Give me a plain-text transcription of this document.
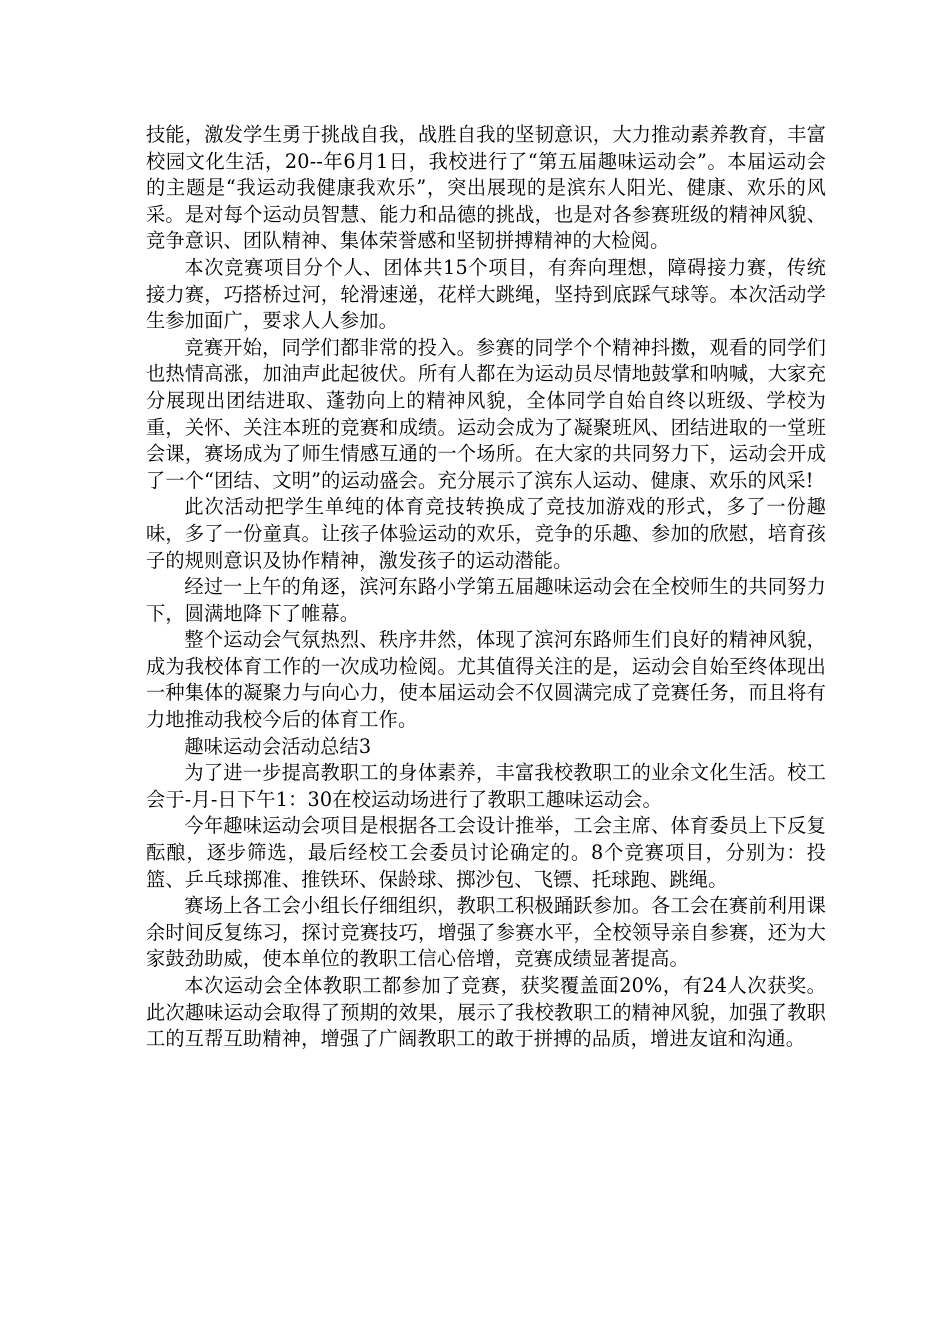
技能，激发学生勇于挑战自我，战胜自我的坚韧意识，大力推动素养教育，丰富校园文化生活，20--年6月1日，我校进行了“第五届趣味运动会”。本届运动会的主题是“我运动我健康我欢乐”，突出展现的是滨东人阳光、健康、欢乐的风采。是对每个运动员智慧、能力和品德的挑战，也是对各参赛班级的精神风貌、竞争意识、团队精神、集体荣誉感和坚韧拼搏精神的大检阅。

本次竞赛项目分个人、团体共15个项目，有奔向理想，障碍接力赛，传统接力赛，巧搭桥过河，轮滑速递，花样大跳绳，坚持到底踩气球等。本次活动学生参加面广，要求人人参加。

竞赛开始，同学们都非常的投入。参赛的同学个个精神抖擞，观看的同学们也热情高涨，加油声此起彼伏。所有人都在为运动员尽情地鼓掌和呐喊，大家充分展现出团结进取、蓬勃向上的精神风貌，全体同学自始自终以班级、学校为重，关怀、关注本班的竞赛和成绩。运动会成为了凝聚班风、团结进取的一堂班会课，赛场成为了师生情感互通的一个场所。在大家的共同努力下，运动会开成了一个“团结、文明”的运动盛会。充分展示了滨东人运动、健康、欢乐的风采!

此次活动把学生单纯的体育竞技转换成了竞技加游戏的形式，多了一份趣味，多了一份童真。让孩子体验运动的欢乐，竞争的乐趣、参加的欣慰，培育孩子的规则意识及协作精神，激发孩子的运动潜能。

经过一上午的角逐，滨河东路小学第五届趣味运动会在全校师生的共同努力下，圆满地降下了帷幕。

整个运动会气氛热烈、秩序井然，体现了滨河东路师生们良好的精神风貌，成为我校体育工作的一次成功检阅。尤其值得关注的是，运动会自始至终体现出一种集体的凝聚力与向心力，使本届运动会不仅圆满完成了竞赛任务，而且将有力地推动我校今后的体育工作。

趣味运动会活动总结3

为了进一步提高教职工的身体素养，丰富我校教职工的业余文化生活。校工会于-月-日下午1：30在校运动场进行了教职工趣味运动会。

今年趣味运动会项目是根据各工会设计推举，工会主席、体育委员上下反复酝酿，逐步筛选，最后经校工会委员讨论确定的。8个竞赛项目，分别为：投篮、乒乓球掷准、推铁环、保龄球、掷沙包、飞镖、托球跑、跳绳。

赛场上各工会小组长仔细组织，教职工积极踊跃参加。各工会在赛前利用课余时间反复练习，探讨竞赛技巧，增强了参赛水平，全校领导亲自参赛，还为大家鼓劲助威，使本单位的教职工信心倍增，竞赛成绩显著提高。

本次运动会全体教职工都参加了竞赛，获奖覆盖面20%，有24人次获奖。此次趣味运动会取得了预期的效果，展示了我校教职工的精神风貌，加强了教职工的互帮互助精神，增强了广阔教职工的敢于拼搏的品质，增进友谊和沟通。
